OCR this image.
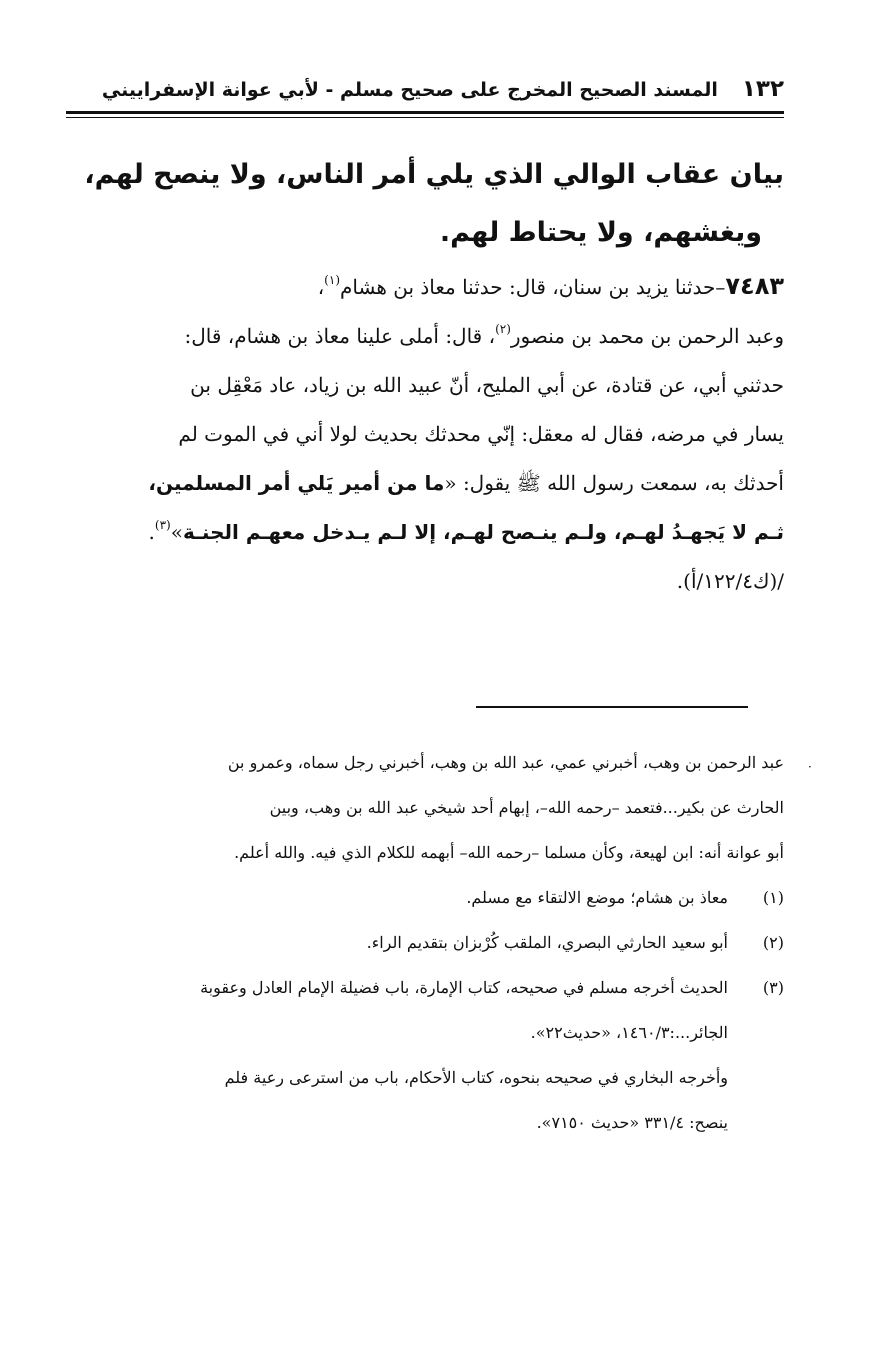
١٣٢
المسند الصحيح المخرج على صحيح مسلم - لأبي عوانة الإسفراييني
بيان عقاب الوالي الذي يلي أمر الناس، ولا ينصح لهم،
ويغشهم، ولا يحتاط لهم.
٧٤٨٣–حدثنا يزيد بن سنان، قال: حدثنا معاذ بن هشام$^{(١)}$،
وعبد الرحمن بن محمد بن منصور$^{(٢)}$، قال: أملى علينا معاذ بن هشام، قال:
حدثني أبي، عن قتادة، عن أبي المليح، أنّ عبيد الله بن زياد، عاد مَعْقِل بن
يسار في مرضه، فقال له معقل: إنّي محدثك بحديث لولا أني في الموت لم
أحدثك به، سمعت رسول الله ﷺ يقول: «ما من أمير يَلي أمر المسلمين،
ثـم لا يَجهـدُ لهـم، ولـم ينـصح لهـم، إلا لـم يـدخل معهـم الجنـة»$^{(٣)}$.
/(ك١٢٢/٤/أ).
·
عبد الرحمن بن وهب، أخبرني عمي، عبد الله بن وهب، أخبرني رجل سماه، وعمرو بن
الحارث عن بكير...فتعمد –رحمه الله–، إبهام أحد شيخي عبد الله بن وهب، وبين
أبو عوانة أنه: ابن لهيعة، وكأن مسلما –رحمه الله– أبهمه للكلام الذي فيه. والله أعلم.
(١)
معاذ بن هشام؛ موضع الالتقاء مع مسلم.
(٢)
أبو سعيد الحارثي البصري، الملقب كُرْبزان بتقديم الراء.
(٣)
الحديث أخرجه مسلم في صحيحه، كتاب الإمارة، باب فضيلة الإمام العادل وعقوبة
الجائر...:١٤٦٠/٣، «حديث٢٢».
وأخرجه البخاري في صحيحه بنحوه، كتاب الأحكام، باب من استرعى رعية فلم
ينصح: ٣٣١/٤ «حديث ٧١٥٠».
